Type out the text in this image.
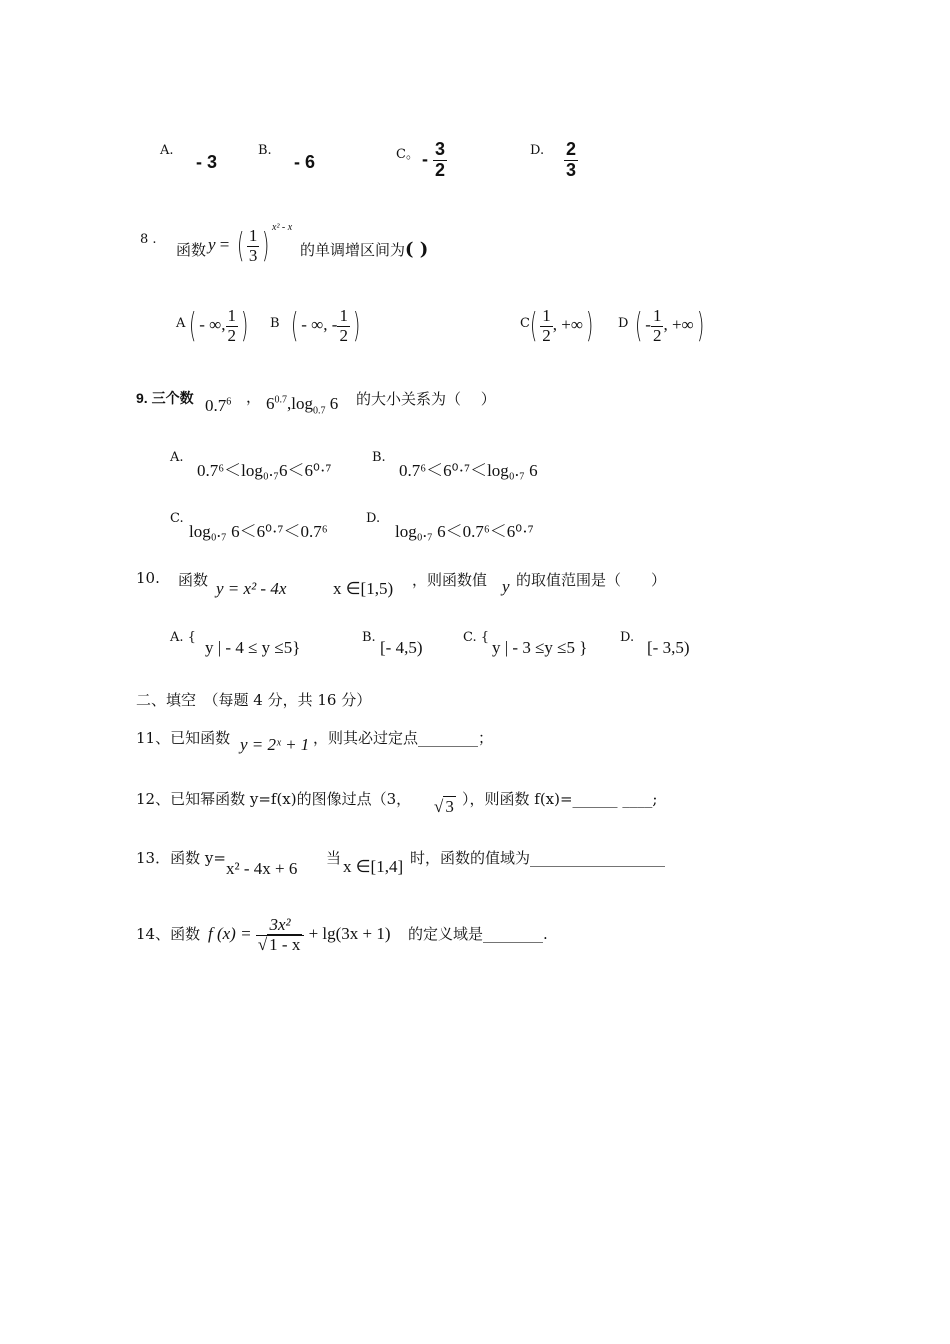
A.
- 3
B.
- 6	C。 - $\frac{3}{2}$	D. $\frac{2}{3}$
8 .
函数 y = ( $\frac{1}{3}$ ) x² - x
的单调增区间为( )
A ( - ∞, $\frac{1}{2}$ ) B ( - ∞, - $\frac{1}{2}$ )	C ( $\frac{1}{2}$ , +∞) D ( - $\frac{1}{2}$ , +∞)
9. 三个数 $0.7^6$ ， $6^{0.7},\log_{0.7}$ 6 的大小关系为（　 ）
A.
0.7⁶＜log₀.₇6＜6⁰·⁷
B.
0.7⁶＜6⁰·⁷＜log₀.₇ 6
C.
log₀.₇ 6＜6⁰·⁷＜0.7⁶
D.
log₀.₇ 6＜0.7⁶＜6⁰·⁷
10. 函数 y = x² - 4x	x ∈[1,5) ，则函数值 y 的取值范围是（　　）
A. {
y | - 4 ≤ y ≤5}
B.
[- 4,5)
C. {
y | - 3 ≤y ≤5 }
D.
[- 3,5)
二、填空　（每题 4 分，共 16 分）
11、已知函数 y = 2ˣ + 1 ，则其必过定点________；
12、已知幂函数 y=f(x)的图像过点（3， √ 3 ），则函数 f(x)=______ ____;
13．函数 y=
x² - 4x + 6
当 x ∈[1,4] 时，函数的值域为__________________
14、函数 f $(x) = \frac{\text{3x²}}{√ 1 - x} + \lg(3x + 1)$ 的定义域是________.
